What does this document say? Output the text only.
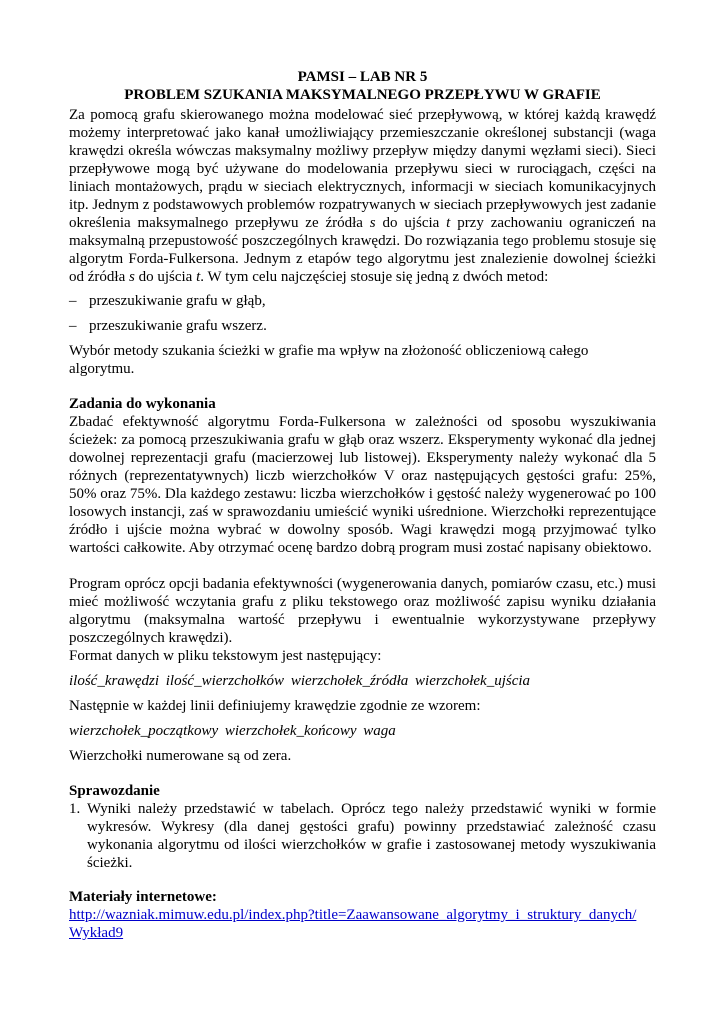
PAMSI – LAB NR 5

PROBLEM SZUKANIA MAKSYMALNEGO PRZEPŁYWU W GRAFIE

Za pomocą grafu skierowanego można modelować sieć przepływową, w której każdą krawędź możemy interpretować jako kanał umożliwiający przemieszczanie określonej substancji (waga krawędzi określa wówczas maksymalny możliwy przepływ między danymi węzłami sieci). Sieci przepływowe mogą być używane do modelowania przepływu sieci w rurociągach, części na liniach montażowych, prądu w sieciach elektrycznych, informacji w sieciach komunikacyjnych itp. Jednym z podstawowych problemów rozpatrywanych w sieciach przepływowych jest zadanie określenia maksymalnego przepływu ze źródła s do ujścia t przy zachowaniu ograniczeń na maksymalną przepustowość poszczególnych krawędzi. Do rozwiązania tego problemu stosuje się algorytm Forda-Fulkersona. Jednym z etapów tego algorytmu jest znalezienie dowolnej ścieżki od źródła s do ujścia t. W tym celu najczęściej stosuje się jedną z dwóch metod:

– przeszukiwanie grafu w głąb,
– przeszukiwanie grafu wszerz.

Wybór metody szukania ścieżki w grafie ma wpływ na złożoność obliczeniową całego algorytmu.

Zadania do wykonania

Zbadać efektywność algorytmu Forda-Fulkersona w zależności od sposobu wyszukiwania ścieżek: za pomocą przeszukiwania grafu w głąb oraz wszerz. Eksperymenty wykonać dla jednej dowolnej reprezentacji grafu (macierzowej lub listowej). Eksperymenty należy wykonać dla 5 różnych (reprezentatywnych) liczb wierzchołków V oraz następujących gęstości grafu: 25%, 50% oraz 75%. Dla każdego zestawu: liczba wierzchołków i gęstość należy wygenerować po 100 losowych instancji, zaś w sprawozdaniu umieścić wyniki uśrednione. Wierzchołki reprezentujące źródło i ujście można wybrać w dowolny sposób. Wagi krawędzi mogą przyjmować tylko wartości całkowite. Aby otrzymać ocenę bardzo dobrą program musi zostać napisany obiektowo.

Program oprócz opcji badania efektywności (wygenerowania danych, pomiarów czasu, etc.) musi mieć możliwość wczytania grafu z pliku tekstowego oraz możliwość zapisu wyniku działania algorytmu (maksymalna wartość przepływu i ewentualnie wykorzystywane przepływy poszczególnych krawędzi).

Format danych w pliku tekstowym jest następujący:

ilość_krawędzi ilość_wierzchołków wierzchołek_źródła wierzchołek_ujścia

Następnie w każdej linii definiujemy krawędzie zgodnie ze wzorem:

wierzchołek_początkowy wierzchołek_końcowy waga

Wierzchołki numerowane są od zera.

Sprawozdanie

1. Wyniki należy przedstawić w tabelach. Oprócz tego należy przedstawić wyniki w formie wykresów. Wykresy (dla danej gęstości grafu) powinny przedstawiać zależność czasu wykonania algorytmu od ilości wierzchołków w grafie i zastosowanej metody wyszukiwania ścieżki.

Materiały internetowe:

http://wazniak.mimuw.edu.pl/index.php?title=Zaawansowane_algorytmy_i_struktury_danych/
Wykład9
